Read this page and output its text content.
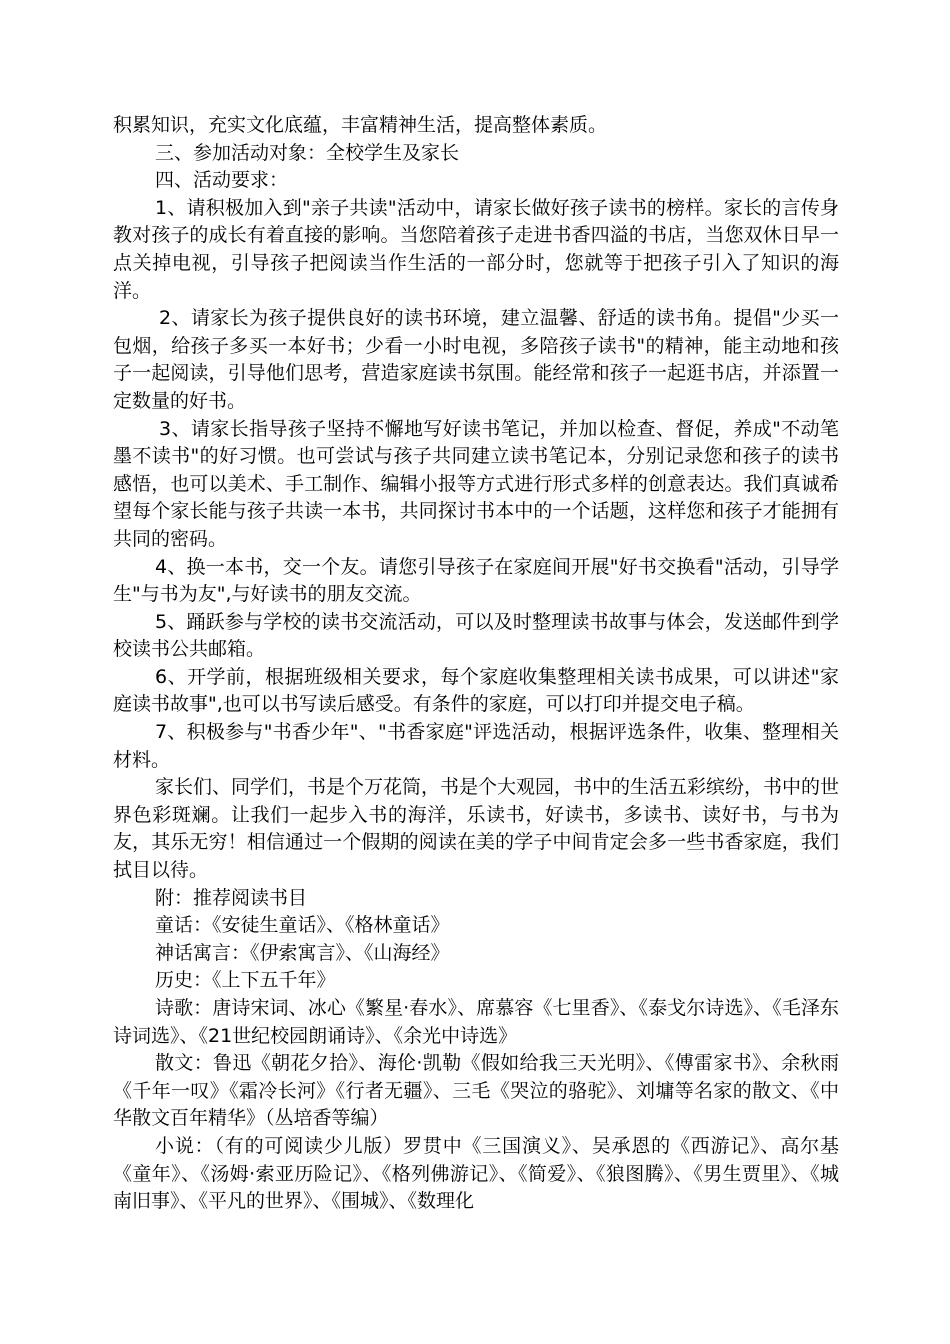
积累知识，充实文化底蕴，丰富精神生活，提高整体素质。

三、参加活动对象：全校学生及家长

四、活动要求：

1、请积极加入到"亲子共读"活动中，请家长做好孩子读书的榜样。家长的言传身教对孩子的成长有着直接的影响。当您陪着孩子走进书香四溢的书店，当您双休日早一点关掉电视，引导孩子把阅读当作生活的一部分时，您就等于把孩子引入了知识的海洋。

2、请家长为孩子提供良好的读书环境，建立温馨、舒适的读书角。提倡"少买一包烟，给孩子多买一本好书；少看一小时电视，多陪孩子读书"的精神，能主动地和孩子一起阅读，引导他们思考，营造家庭读书氛围。能经常和孩子一起逛书店，并添置一定数量的好书。

3、请家长指导孩子坚持不懈地写好读书笔记，并加以检查、督促，养成"不动笔墨不读书"的好习惯。也可尝试与孩子共同建立读书笔记本，分别记录您和孩子的读书感悟，也可以美术、手工制作、编辑小报等方式进行形式多样的创意表达。我们真诚希望每个家长能与孩子共读一本书，共同探讨书本中的一个话题，这样您和孩子才能拥有共同的密码。

4、换一本书，交一个友。请您引导孩子在家庭间开展"好书交换看"活动，引导学生"与书为友",与好读书的朋友交流。

5、踊跃参与学校的读书交流活动，可以及时整理读书故事与体会，发送邮件到学校读书公共邮箱。

6、开学前，根据班级相关要求，每个家庭收集整理相关读书成果，可以讲述"家庭读书故事",也可以书写读后感受。有条件的家庭，可以打印并提交电子稿。

7、积极参与"书香少年"、"书香家庭"评选活动，根据评选条件，收集、整理相关材料。

家长们、同学们，书是个万花筒，书是个大观园，书中的生活五彩缤纷，书中的世界色彩斑斓。让我们一起步入书的海洋，乐读书，好读书，多读书、读好书，与书为友，其乐无穷！相信通过一个假期的阅读在美的学子中间肯定会多一些书香家庭，我们拭目以待。

附：推荐阅读书目

童话：《安徒生童话》、《格林童话》

神话寓言：《伊索寓言》、《山海经》

历史：《上下五千年》

诗歌：唐诗宋词、冰心《繁星·春水》、席慕容《七里香》、《泰戈尔诗选》、《毛泽东诗词选》、《21世纪校园朗诵诗》、《余光中诗选》

散文：鲁迅《朝花夕拾》、海伦·凯勒《假如给我三天光明》、《傅雷家书》、余秋雨《千年一叹》《霜冷长河》《行者无疆》、三毛《哭泣的骆驼》、刘墉等名家的散文、《中华散文百年精华》（丛培香等编）

小说：（有的可阅读少儿版）罗贯中《三国演义》、吴承恩的《西游记》、高尔基《童年》、《汤姆·索亚历险记》、《格列佛游记》、《简爱》、《狼图腾》、《男生贾里》、《城南旧事》、《平凡的世界》、《围城》、《数理化
